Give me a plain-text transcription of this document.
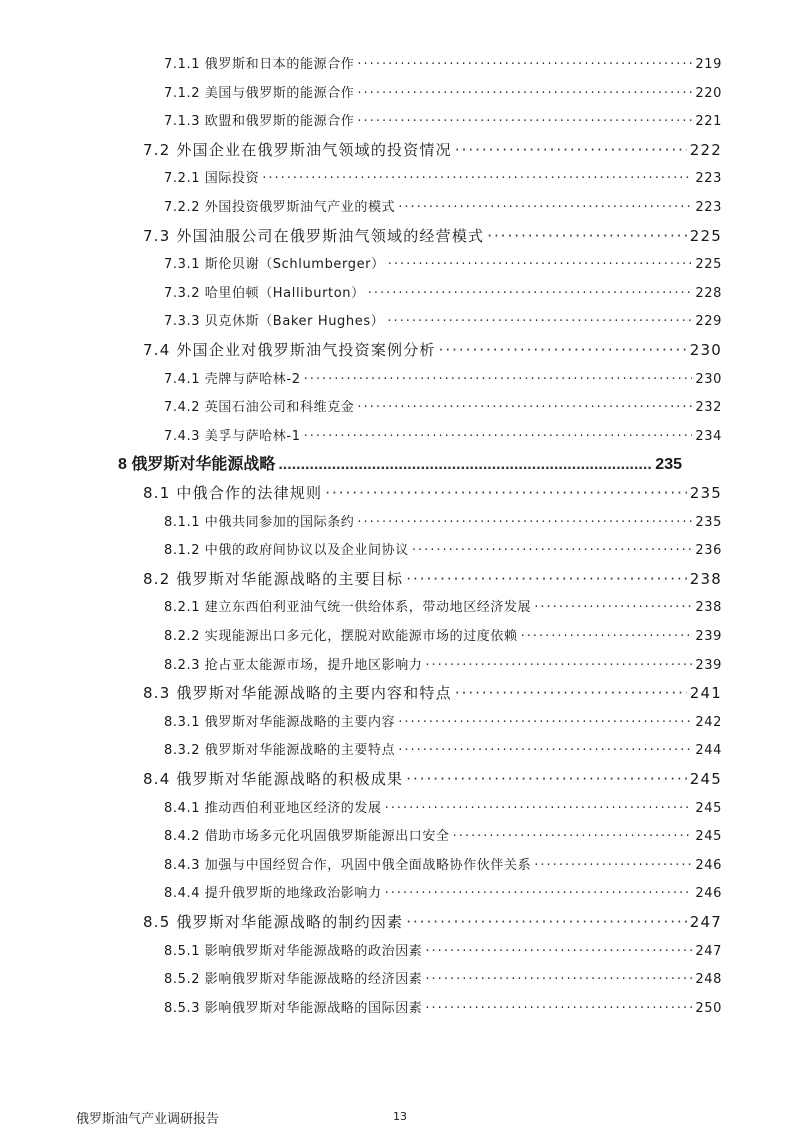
7.1.1 俄罗斯和日本的能源合作 ·····	219
7.1.2 美国与俄罗斯的能源合作 ·····	220
7.1.3 欧盟和俄罗斯的能源合作 ·····	221
7.2 外国企业在俄罗斯油气领域的投资情况 ·····	222
7.2.1 国际投资 ·····	223
7.2.2 外国投资俄罗斯油气产业的模式 ·····	223
7.3 外国油服公司在俄罗斯油气领域的经营模式 ·····	225
7.3.1 斯伦贝谢（Schlumberger） ·····	225
7.3.2 哈里伯顿（Halliburton） ·····	228
7.3.3 贝克休斯（Baker Hughes） ·····	229
7.4 外国企业对俄罗斯油气投资案例分析 ·····	230
7.4.1 壳牌与萨哈林-2 ·····	230
7.4.2 英国石油公司和科维克金 ·····	232
7.4.3 美孚与萨哈林-1 ·····	234
8 俄罗斯对华能源战略 .....	235
8.1 中俄合作的法律规则 ·····	235
8.1.1 中俄共同参加的国际条约 ·····	235
8.1.2 中俄的政府间协议以及企业间协议 ·····	236
8.2 俄罗斯对华能源战略的主要目标 ·····	238
8.2.1 建立东西伯利亚油气统一供给体系，带动地区经济发展 ·····	238
8.2.2 实现能源出口多元化，摆脱对欧能源市场的过度依赖 ·····	239
8.2.3 抢占亚太能源市场，提升地区影响力 ·····	239
8.3 俄罗斯对华能源战略的主要内容和特点 ·····	241
8.3.1 俄罗斯对华能源战略的主要内容 ·····	242
8.3.2 俄罗斯对华能源战略的主要特点 ·····	244
8.4 俄罗斯对华能源战略的积极成果 ·····	245
8.4.1 推动西伯利亚地区经济的发展 ·····	245
8.4.2 借助市场多元化巩固俄罗斯能源出口安全 ·····	245
8.4.3 加强与中国经贸合作，巩固中俄全面战略协作伙伴关系 ·····	246
8.4.4 提升俄罗斯的地缘政治影响力 ·····	246
8.5 俄罗斯对华能源战略的制约因素 ·····	247
8.5.1 影响俄罗斯对华能源战略的政治因素 ·····	247
8.5.2 影响俄罗斯对华能源战略的经济因素 ·····	248
8.5.3 影响俄罗斯对华能源战略的国际因素 ·····	250
俄罗斯油气产业调研报告	13
